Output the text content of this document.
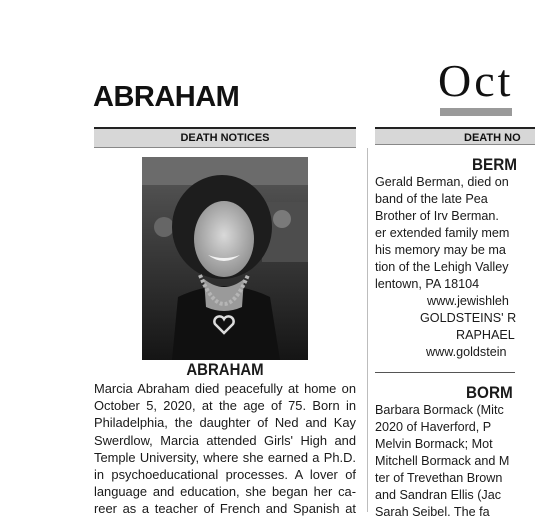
ABRAHAM	Oct
DEATH NOTICES	DEATH NO
ABRAHAM
Marcia Abraham died peacefully at home on
October 5, 2020, at the age of 75. Born in
Philadelphia, the daughter of Ned and Kay
Swerdlow, Marcia attended Girls' High and
Temple University, where she earned a Ph.D.
in psychoeducational processes. A lover of
language and education, she began her ca-
reer as a teacher of French and Spanish at
BERM
Gerald Berman, died on
band of the late Pea
Brother of Irv Berman.
er extended family mem
his memory may be ma
tion of the Lehigh Valley
lentown, PA 18104
www.jewishleh
GOLDSTEINS' R
RAPHAEL
www.goldstein
BORM
Barbara Bormack (Mitc
2020 of Haverford, P
Melvin Bormack; Mot
Mitchell Bormack and M
ter of Trevethan Brown
and Sandran Ellis (Jac
Sarah Seibel. The fa
